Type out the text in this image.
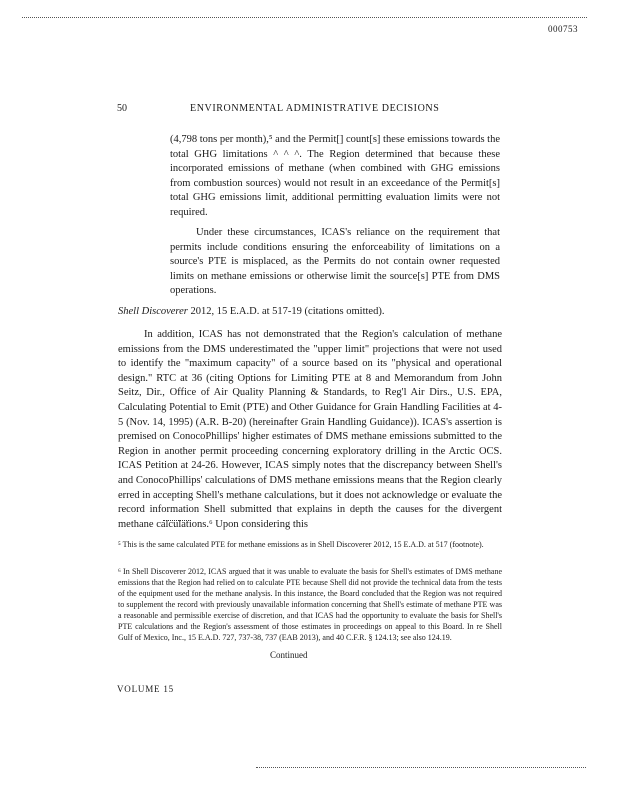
000753
50	ENVIRONMENTAL ADMINISTRATIVE DECISIONS

(4,798 tons per month),⁵ and the Permit[] count[s] these emissions towards the total GHG limitations ^ ^ ^. The Region determined that because these incorporated emissions of methane (when combined with GHG emissions from combustion sources) would not result in an exceedance of the Permit[s] total GHG emissions limit, additional permitting evaluation limits were not required.

Under these circumstances, ICAS's reliance on the requirement that permits include conditions ensuring the enforceability of limitations on a source's PTE is misplaced, as the Permits do not contain owner requested limits on methane emissions or otherwise limit the source[s] PTE from DMS operations.

Shell Discoverer 2012, 15 E.A.D. at 517-19 (citations omitted).

In addition, ICAS has not demonstrated that the Region's calculation of methane emissions from the DMS underestimated the "upper limit" projections that were not used to identify the "maximum capacity" of a source based on its "physical and operational design." RTC at 36 (citing Options for Limiting PTE at 8 and Memorandum from John Seitz, Dir., Office of Air Quality Planning & Standards, to Reg'l Air Dirs., U.S. EPA, Calculating Potential to Emit (PTE) and Other Guidance for Grain Handling Facilities at 4-5 (Nov. 14, 1995) (A.R. B-20) (hereinafter Grain Handling Guidance)). ICAS's assertion is premised on ConocoPhillips' higher estimates of DMS methane emissions submitted to the Region in another permit proceeding concerning exploratory drilling in the Arctic OCS. ICAS Petition at 24-26. However, ICAS simply notes that the discrepancy between Shell's and ConocoPhillips' calculations of DMS methane emissions means that the Region clearly erred in accepting Shell's methane calculations, but it does not acknowledge or evaluate the record information Shell submitted that explains in depth the causes for the divergent methane calculations.⁶ Upon considering this

⁵ This is the same calculated PTE for methane emissions as in Shell Discoverer 2012, 15 E.A.D. at 517 (footnote).
⁶ In Shell Discoverer 2012, ICAS argued that it was unable to evaluate the basis for Shell's estimates of DMS methane emissions that the Region had relied on to calculate PTE because Shell did not provide the technical data from the tests of the equipment used for the methane analysis. In this instance, the Board concluded that the Region was not required to supplement the record with previously unavailable information concerning that Shell's estimate of methane PTE was a reasonable and permissible exercise of discretion, and that ICAS had the opportunity to evaluate the basis for Shell's PTE calculations and the Region's assessment of those estimates in proceedings on appeal to this Board. In re Shell Gulf of Mexico, Inc., 15 E.A.D. 727, 737-38, 737 (EAB 2013), and 40 C.F.R. § 124.13; see also 124.19.
Continued
VOLUME 15
